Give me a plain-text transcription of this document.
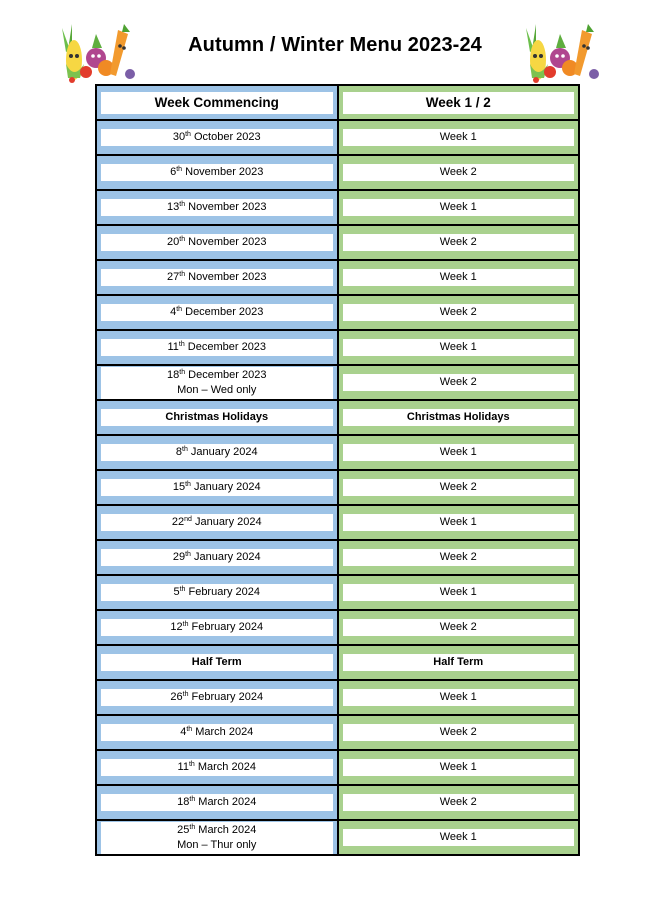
Autumn / Winter Menu 2023-24
Week Commencing	Week 1 / 2

30th October 2023	Week 1

6th November 2023	Week 2

13th November 2023	Week 1

20th November 2023	Week 2

27th November 2023	Week 1

4th December 2023	Week 2

11th December 2023	Week 1

18th December 2023
Mon – Wed only	Week 2

Christmas Holidays	Christmas Holidays

8th January 2024	Week 1

15th January 2024	Week 2

22nd January 2024	Week 1

29th January 2024	Week 2

5th February 2024	Week 1

12th February 2024	Week 2

Half Term	Half Term

26th February 2024	Week 1

4th March 2024	Week 2

11th March 2024	Week 1

18th March 2024	Week 2

25th March 2024
Mon – Thur only	Week 1
